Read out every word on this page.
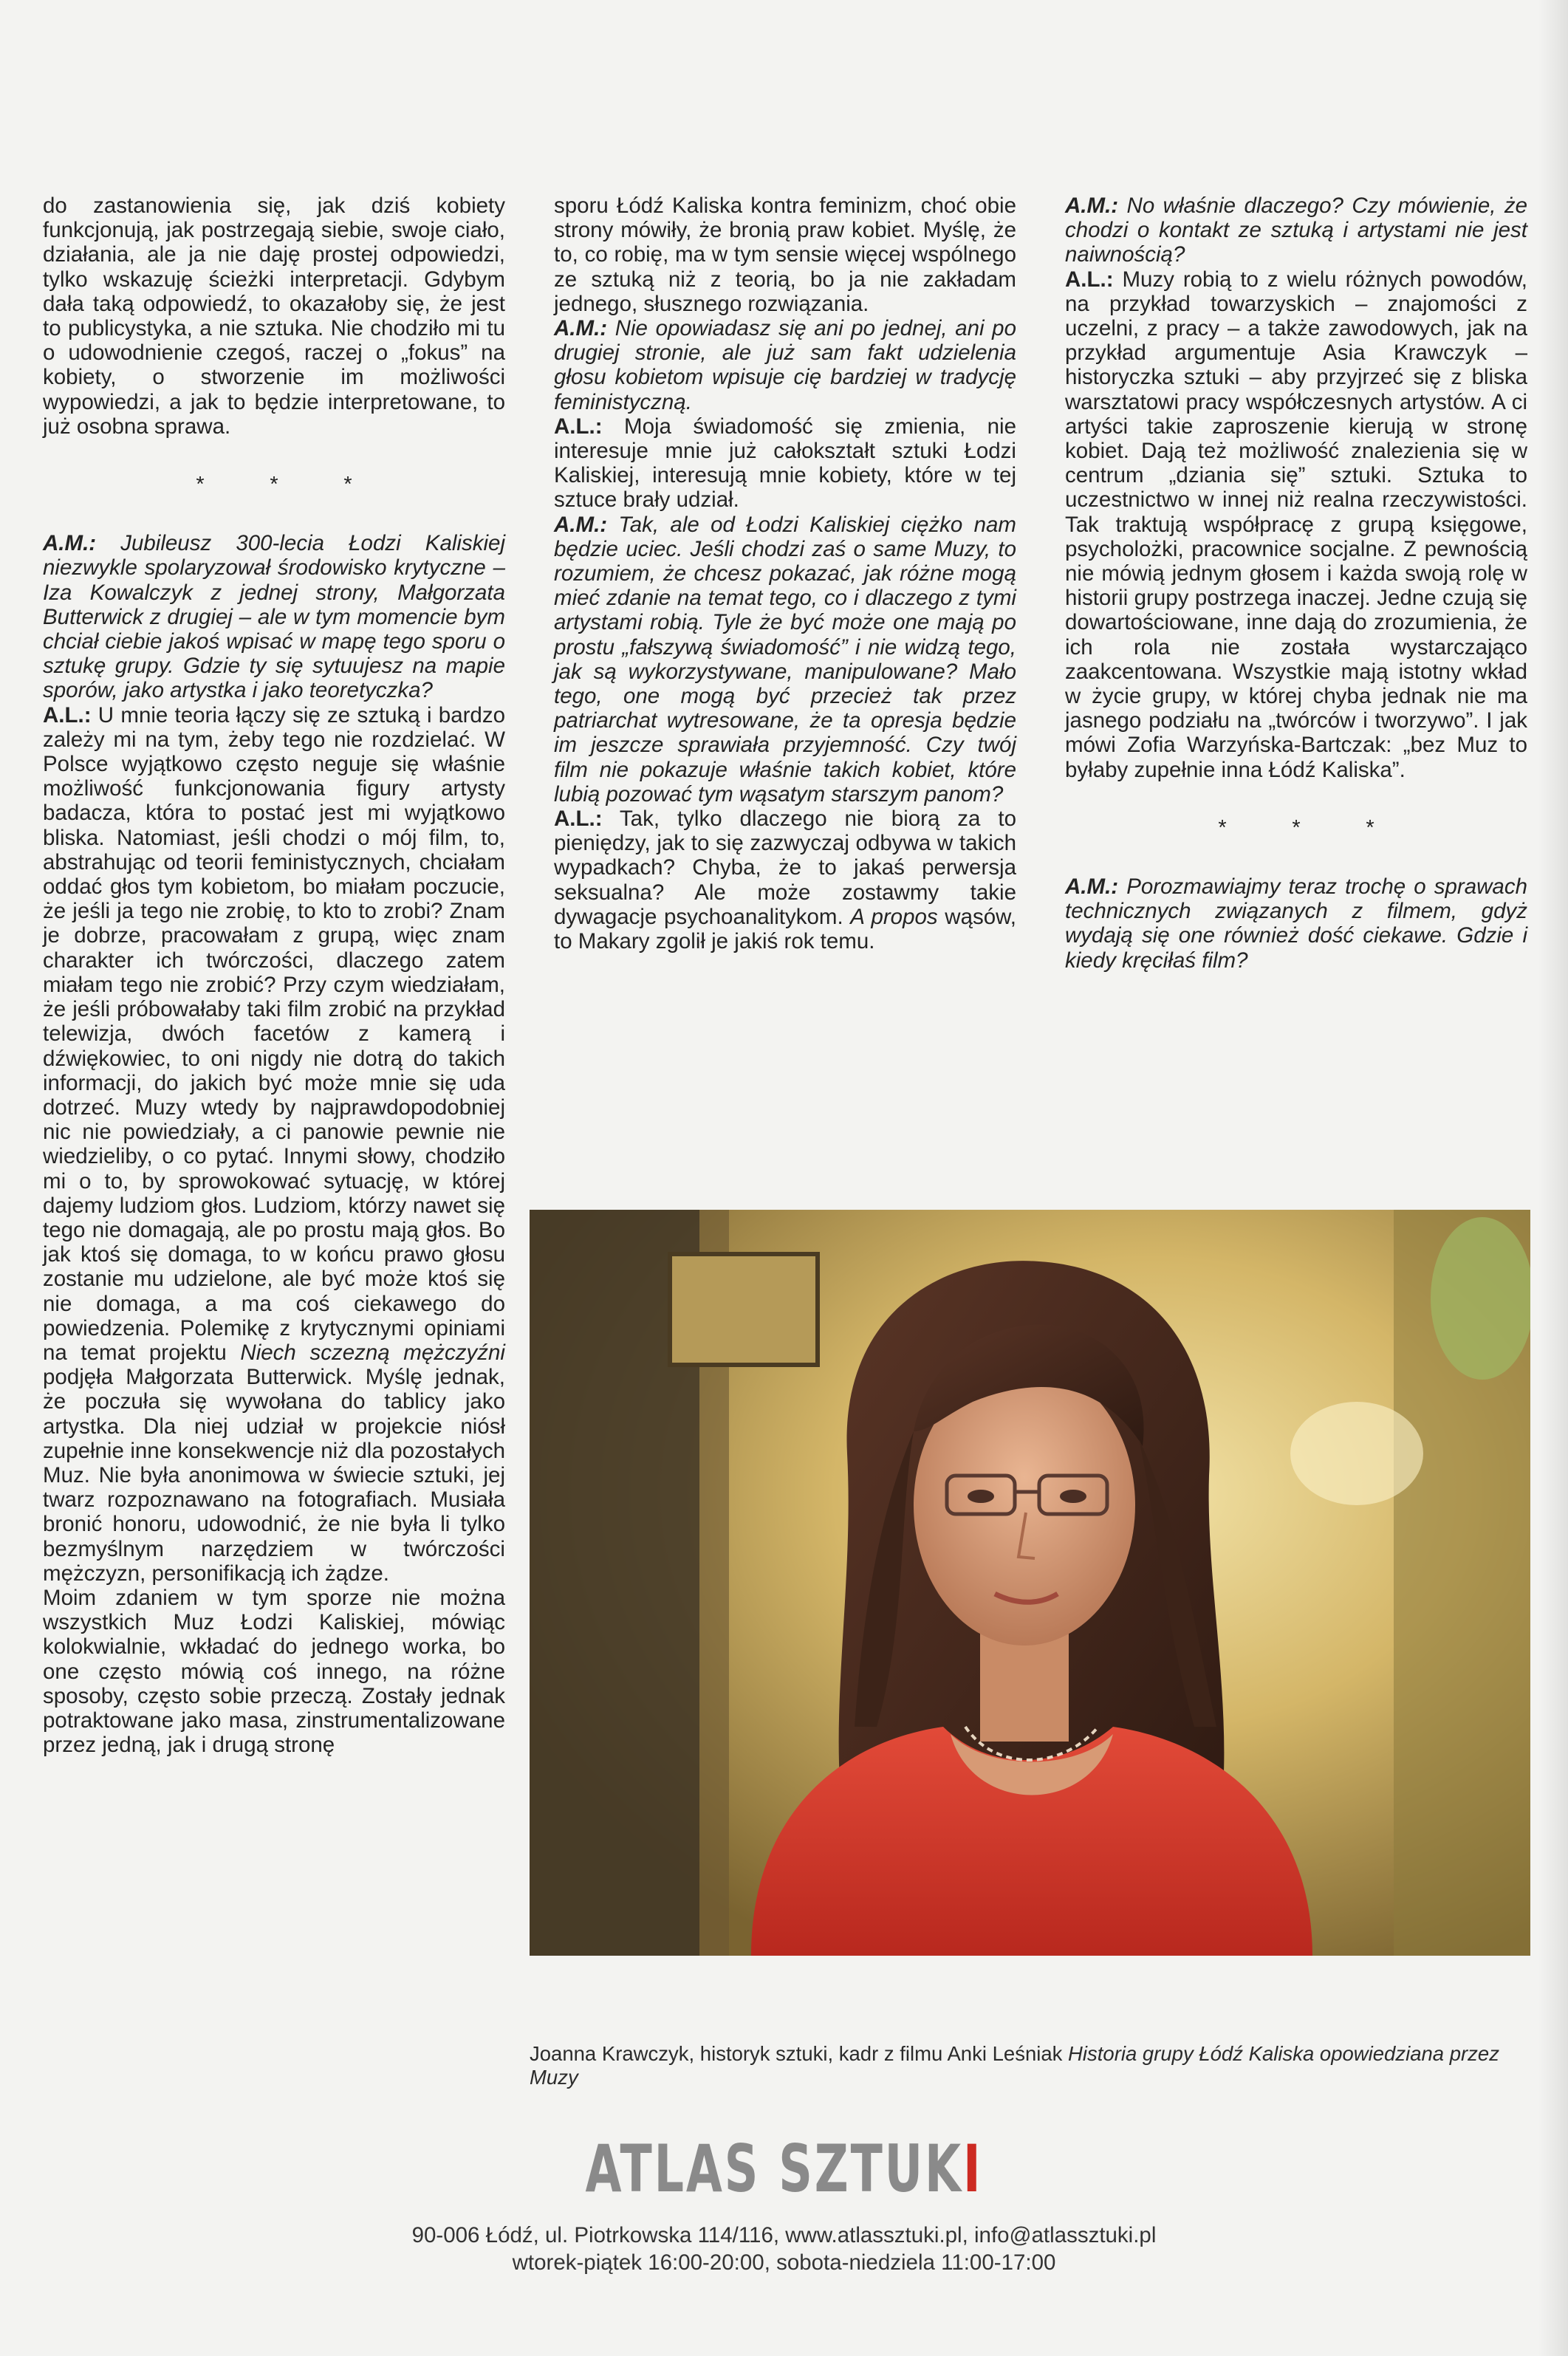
do zastanowienia się, jak dziś kobiety funkcjonują, jak postrzegają siebie, swoje ciało, działania, ale ja nie daję prostej odpowiedzi, tylko wskazuję ścieżki interpretacji. Gdybym dała taką odpowiedź, to okazałoby się, że jest to publicystyka, a nie sztuka. Nie chodziło mi tu o udowodnienie czegoś, raczej o „fokus” na kobiety, o stworzenie im możliwości wypowiedzi, a jak to będzie interpretowane, to już osobna sprawa.

*	*	*

A.M.: Jubileusz 300-lecia Łodzi Kaliskiej niezwykle spolaryzował środowisko krytyczne – Iza Kowalczyk z jednej strony, Małgorzata Butterwick z drugiej – ale w tym momencie bym chciał ciebie jakoś wpisać w mapę tego sporu o sztukę grupy. Gdzie ty się sytuujesz na mapie sporów, jako artystka i jako teoretyczka?

A.L.: U mnie teoria łączy się ze sztuką i bardzo zależy mi na tym, żeby tego nie rozdzielać. W Polsce wyjątkowo często neguje się właśnie możliwość funkcjonowania figury artysty badacza, która to postać jest mi wyjątkowo bliska. Natomiast, jeśli chodzi o mój film, to, abstrahując od teorii feministycznych, chciałam oddać głos tym kobietom, bo miałam poczucie, że jeśli ja tego nie zrobię, to kto to zrobi? Znam je dobrze, pracowałam z grupą, więc znam charakter ich twórczości, dlaczego zatem miałam tego nie zrobić? Przy czym wiedziałam, że jeśli próbowałaby taki film zrobić na przykład telewizja, dwóch facetów z kamerą i dźwiękowiec, to oni nigdy nie dotrą do takich informacji, do jakich być może mnie się uda dotrzeć. Muzy wtedy by najprawdopodobniej nic nie powiedziały, a ci panowie pewnie nie wiedzieliby, o co pytać. Innymi słowy, chodziło mi o to, by sprowokować sytuację, w której dajemy ludziom głos. Ludziom, którzy nawet się tego nie domagają, ale po prostu mają głos. Bo jak ktoś się domaga, to w końcu prawo głosu zostanie mu udzielone, ale być może ktoś się nie domaga, a ma coś ciekawego do powiedzenia. Polemikę z krytycznymi opiniami na temat projektu Niech sczezną mężczyźni podjęła Małgorzata Butterwick. Myślę jednak, że poczuła się wywołana do tablicy jako artystka. Dla niej udział w projekcie niósł zupełnie inne konsekwencje niż dla pozostałych Muz. Nie była anonimowa w świecie sztuki, jej twarz rozpoznawano na fotografiach. Musiała bronić honoru, udowodnić, że nie była li tylko bezmyślnym narzędziem w twórczości mężczyzn, personifikacją ich żądze.

Moim zdaniem w tym sporze nie można wszystkich Muz Łodzi Kaliskiej, mówiąc kolokwialnie, wkładać do jednego worka, bo one często mówią coś innego, na różne sposoby, często sobie przeczą. Zostały jednak potraktowane jako masa, zinstrumentalizowane przez jedną, jak i drugą stronę

sporu Łódź Kaliska kontra feminizm, choć obie strony mówiły, że bronią praw kobiet. Myślę, że to, co robię, ma w tym sensie więcej wspólnego ze sztuką niż z teorią, bo ja nie zakładam jednego, słusznego rozwiązania.

A.M.: Nie opowiadasz się ani po jednej, ani po drugiej stronie, ale już sam fakt udzielenia głosu kobietom wpisuje cię bardziej w tradycję feministyczną.

A.L.: Moja świadomość się zmienia, nie interesuje mnie już całokształt sztuki Łodzi Kaliskiej, interesują mnie kobiety, które w tej sztuce brały udział.

A.M.: Tak, ale od Łodzi Kaliskiej ciężko nam będzie uciec. Jeśli chodzi zaś o same Muzy, to rozumiem, że chcesz pokazać, jak różne mogą mieć zdanie na temat tego, co i dlaczego z tymi artystami robią. Tyle że być może one mają po prostu „fałszywą świadomość” i nie widzą tego, jak są wykorzystywane, manipulowane? Mało tego, one mogą być przecież tak przez patriarchat wytresowane, że ta opresja będzie im jeszcze sprawiała przyjemność. Czy twój film nie pokazuje właśnie takich kobiet, które lubią pozować tym wąsatym starszym panom?

A.L.: Tak, tylko dlaczego nie biorą za to pieniędzy, jak to się zazwyczaj odbywa w takich wypadkach? Chyba, że to jakaś perwersja seksualna? Ale może zostawmy takie dywagacje psychoanalitykom. A propos wąsów, to Makary zgolił je jakiś rok temu.

A.M.: No właśnie dlaczego? Czy mówienie, że chodzi o kontakt ze sztuką i artystami nie jest naiwnością?

A.L.: Muzy robią to z wielu różnych powodów, na przykład towarzyskich – znajomości z uczelni, z pracy – a także zawodowych, jak na przykład argumentuje Asia Krawczyk – historyczka sztuki – aby przyjrzeć się z bliska warsztatowi pracy współczesnych artystów. A ci artyści takie zaproszenie kierują w stronę kobiet. Dają też możliwość znalezienia się w centrum „dziania się” sztuki. Sztuka to uczestnictwo w innej niż realna rzeczywistości. Tak traktują współpracę z grupą księgowe, psycholożki, pracownice socjalne. Z pewnością nie mówią jednym głosem i każda swoją rolę w historii grupy postrzega inaczej. Jedne czują się dowartościowane, inne dają do zrozumienia, że ich rola nie została wystarczająco zaakcentowana. Wszystkie mają istotny wkład w życie grupy, w której chyba jednak nie ma jasnego podziału na „twórców i tworzywo”. I jak mówi Zofia Warzyńska-Bartczak: „bez Muz to byłaby zupełnie inna Łódź Kaliska”.

*	*	*

A.M.: Porozmawiajmy teraz trochę o sprawach technicznych związanych z filmem, gdyż wydają się one również dość ciekawe. Gdzie i kiedy kręciłaś film?

Joanna Krawczyk, historyk sztuki, kadr z filmu Anki Leśniak Historia grupy Łódź Kaliska opowiedziana przez Muzy

ATLAS SZTUKI

90-006 Łódź, ul. Piotrkowska 114/116, www.atlassztuki.pl, info@atlassztuki.pl

wtorek-piątek 16:00-20:00, sobota-niedziela 11:00-17:00
